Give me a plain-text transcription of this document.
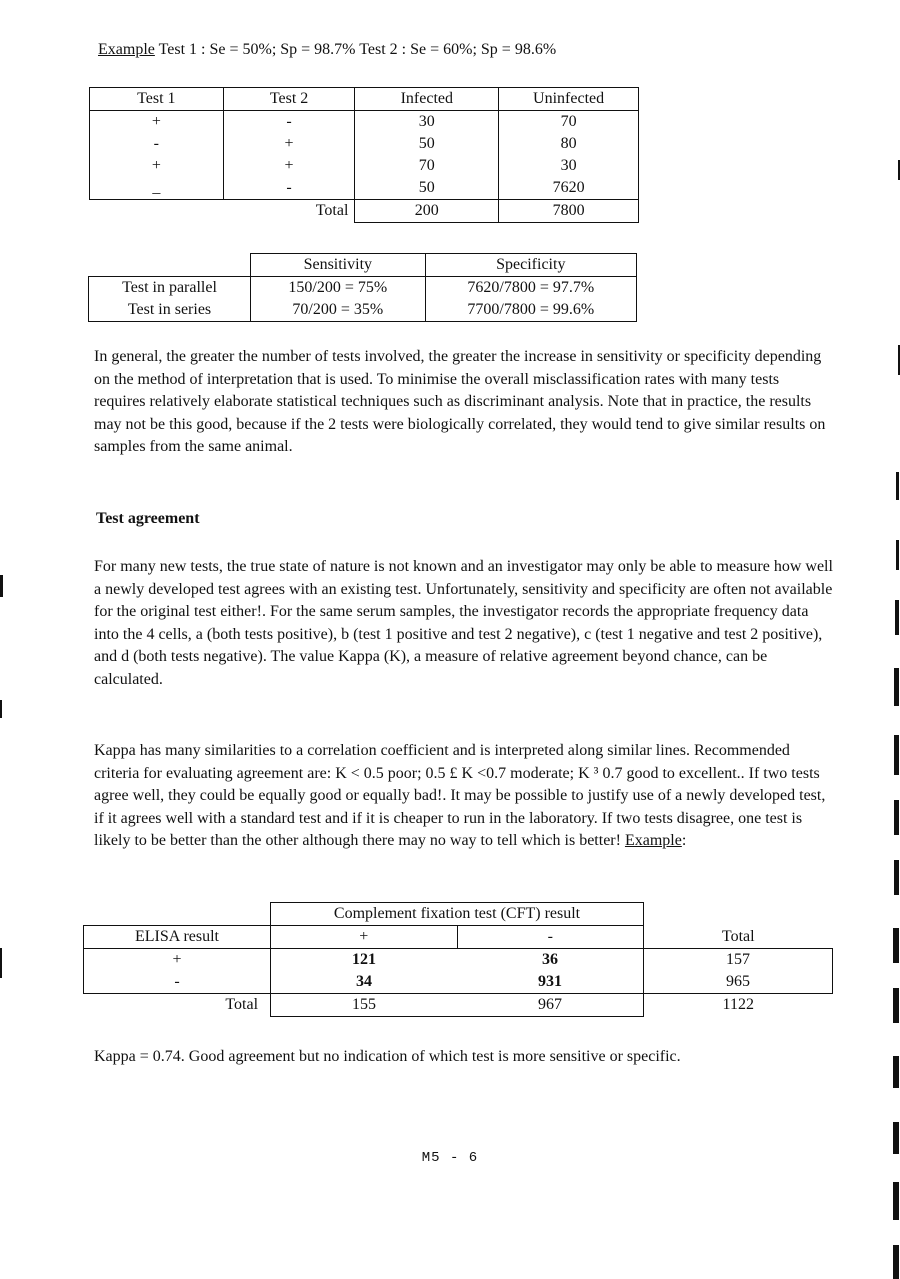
Example Test 1 : Se = 50%; Sp = 98.7% Test 2 : Se = 60%; Sp = 98.6%
Test 1	Test 2	Infected	Uninfected
+	-	30	70
-	+	50	80
+	+	70	30
_	-	50	7620
	Total	200	7800
	Sensitivity	Specificity
Test in parallel	150/200 = 75%	7620/7800 = 97.7%
Test in series	70/200 = 35%	7700/7800 = 99.6%
In general, the greater the number of tests involved, the greater the increase in sensitivity or specificity depending on the method of interpretation that is used. To minimise the overall misclassification rates with many tests requires relatively elaborate statistical techniques such as discriminant analysis. Note that in practice, the results may not be this good, because if the 2 tests were biologically correlated, they would tend to give similar results on samples from the same animal.
Test agreement
For many new tests, the true state of nature is not known and an investigator may only be able to measure how well a newly developed test agrees with an existing test. Unfortunately, sensitivity and specificity are often not available for the original test either!. For the same serum samples, the investigator records the appropriate frequency data into the 4 cells, a (both tests positive), b (test 1 positive and test 2 negative), c (test 1 negative and test 2 positive), and d (both tests negative). The value Kappa (K), a measure of relative agreement beyond chance, can be calculated.
Kappa has many similarities to a correlation coefficient and is interpreted along similar lines. Recommended criteria for evaluating agreement are: K < 0.5 poor; 0.5 £ K <0.7 moderate; K ³ 0.7 good to excellent.. If two tests agree well, they could be equally good or equally bad!. It may be possible to justify use of a newly developed test, if it agrees well with a standard test and if it is cheaper to run in the laboratory. If two tests disagree, one test is likely to be better than the other although there may no way to tell which is better! Example:
	Complement fixation test (CFT) result		
ELISA result	+	-	Total
+	121	36	157
-	34	931	965
Total	155	967	1122
Kappa = 0.74. Good agreement but no indication of which test is more sensitive or specific.
M5 - 6
